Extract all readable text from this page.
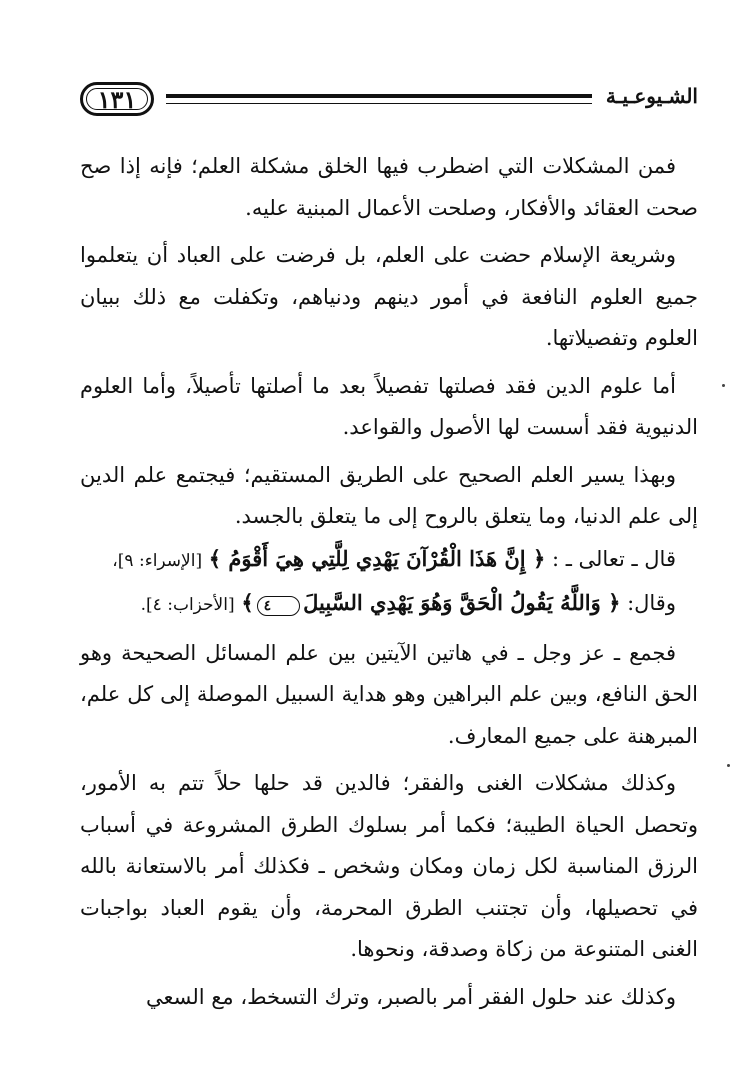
الشـيوعـيـة
١٣١

فمن المشكلات التي اضطرب فيها الخلق مشكلة العلم؛ فإنه إذا صح صحت العقائد والأفكار، وصلحت الأعمال المبنية عليه.

وشريعة الإسلام حضت على العلم، بل فرضت على العباد أن يتعلموا جميع العلوم النافعة في أمور دينهم ودنياهم، وتكفلت مع ذلك ببيان العلوم وتفصيلاتها.

أما علوم الدين فقد فصلتها تفصيلاً بعد ما أصلتها تأصيلاً، وأما العلوم الدنيوية فقد أسست لها الأصول والقواعد.

وبهذا يسير العلم الصحيح على الطريق المستقيم؛ فيجتمع علم الدين إلى علم الدنيا، وما يتعلق بالروح إلى ما يتعلق بالجسد.

قال ـ تعالى ـ : ﴿ إِنَّ هَذَا الْقُرْآنَ يَهْدِي لِلَّتِي هِيَ أَقْوَمُ ﴾ [الإسراء: ٩]،

وقال: ﴿ وَاللَّهُ يَقُولُ الْحَقَّ وَهُوَ يَهْدِي السَّبِيلَ٤﴾ [الأحزاب: ٤].

فجمع ـ عز وجل ـ في هاتين الآيتين بين علم المسائل الصحيحة وهو الحق النافع، وبين علم البراهين وهو هداية السبيل الموصلة إلى كل علم، المبرهنة على جميع المعارف.

وكذلك مشكلات الغنى والفقر؛ فالدين قد حلها حلاً تتم به الأمور، وتحصل الحياة الطيبة؛ فكما أمر بسلوك الطرق المشروعة في أسباب الرزق المناسبة لكل زمان ومكان وشخص ـ فكذلك أمر بالاستعانة بالله في تحصيلها، وأن تجتنب الطرق المحرمة، وأن يقوم العباد بواجبات الغنى المتنوعة من زكاة وصدقة، ونحوها.

وكذلك عند حلول الفقر أمر بالصبر، وترك التسخط، مع السعي
